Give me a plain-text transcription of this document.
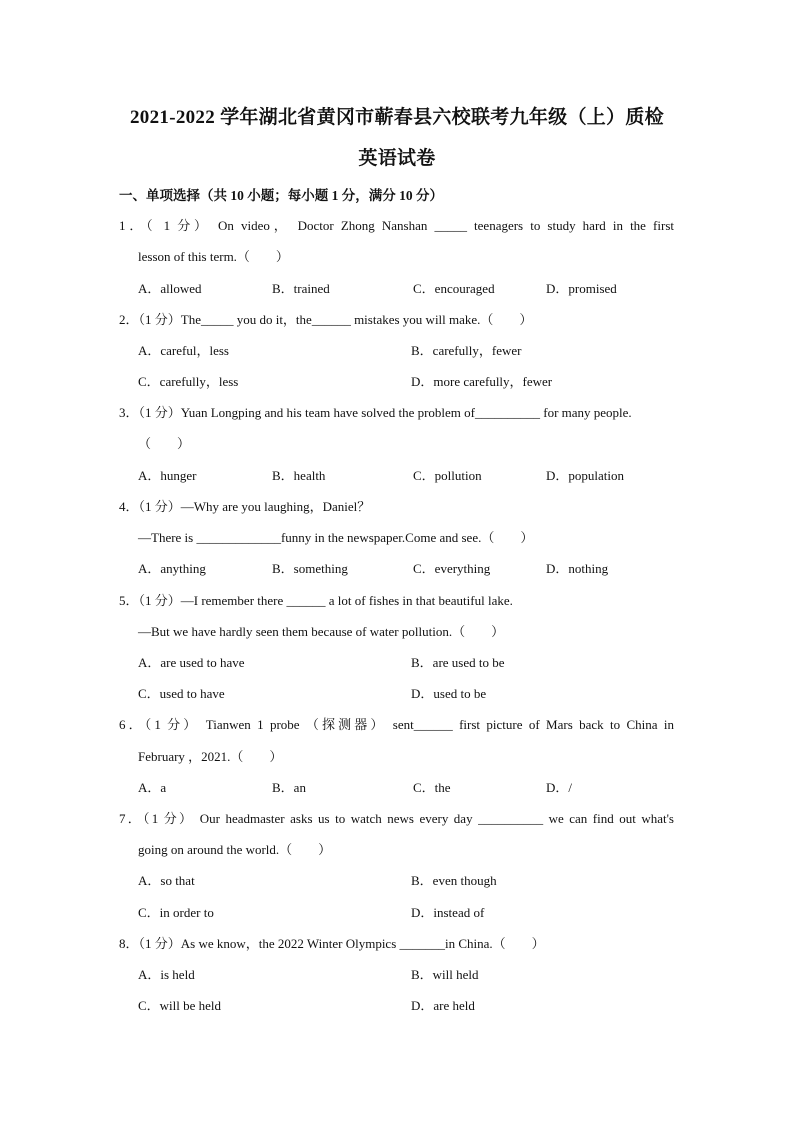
2021-2022 学年湖北省黄冈市蕲春县六校联考九年级（上）质检
英语试卷
一、单项选择（共 10 小题；每小题 1 分，满分 10 分）
1．（ 1 分） On video， Doctor Zhong Nanshan _____ teenagers to study hard in the first
lesson of this term.（　　）
A．allowed	B．trained	C．encouraged	D．promised
2．（1 分）The_____ you do it，the______ mistakes you will make.（　　）
A．careful，less	B．carefully，fewer
C．carefully，less	D．more carefully，fewer
3．（1 分）Yuan Longping and his team have solved the problem of__________ for many people.
（　　）
A．hunger	B．health	C．pollution	D．population
4．（1 分）—Why are you laughing，Daniel？
—There is _____________funny in the newspaper.Come and see.（　　）
A．anything	B．something	C．everything	D．nothing
5．（1 分）—I remember there ______ a lot of fishes in that beautiful lake.
—But we have hardly seen them because of water pollution.（　　）
A．are used to have	B．are used to be
C．used to have	D．used to be
6．（1 分） Tianwen 1 probe （探测器） sent______ first picture of Mars back to China in
February ，2021.（　　）
A．a	B．an	C．the	D．/
7．（1 分） Our headmaster asks us to watch news every day __________ we can find out what's
going on around the world.（　　）
A．so that	B．even though
C．in order to	D．instead of
8．（1 分）As we know，the 2022 Winter Olympics _______in China.（　　）
A．is held	B．will held
C．will be held	D．are held
